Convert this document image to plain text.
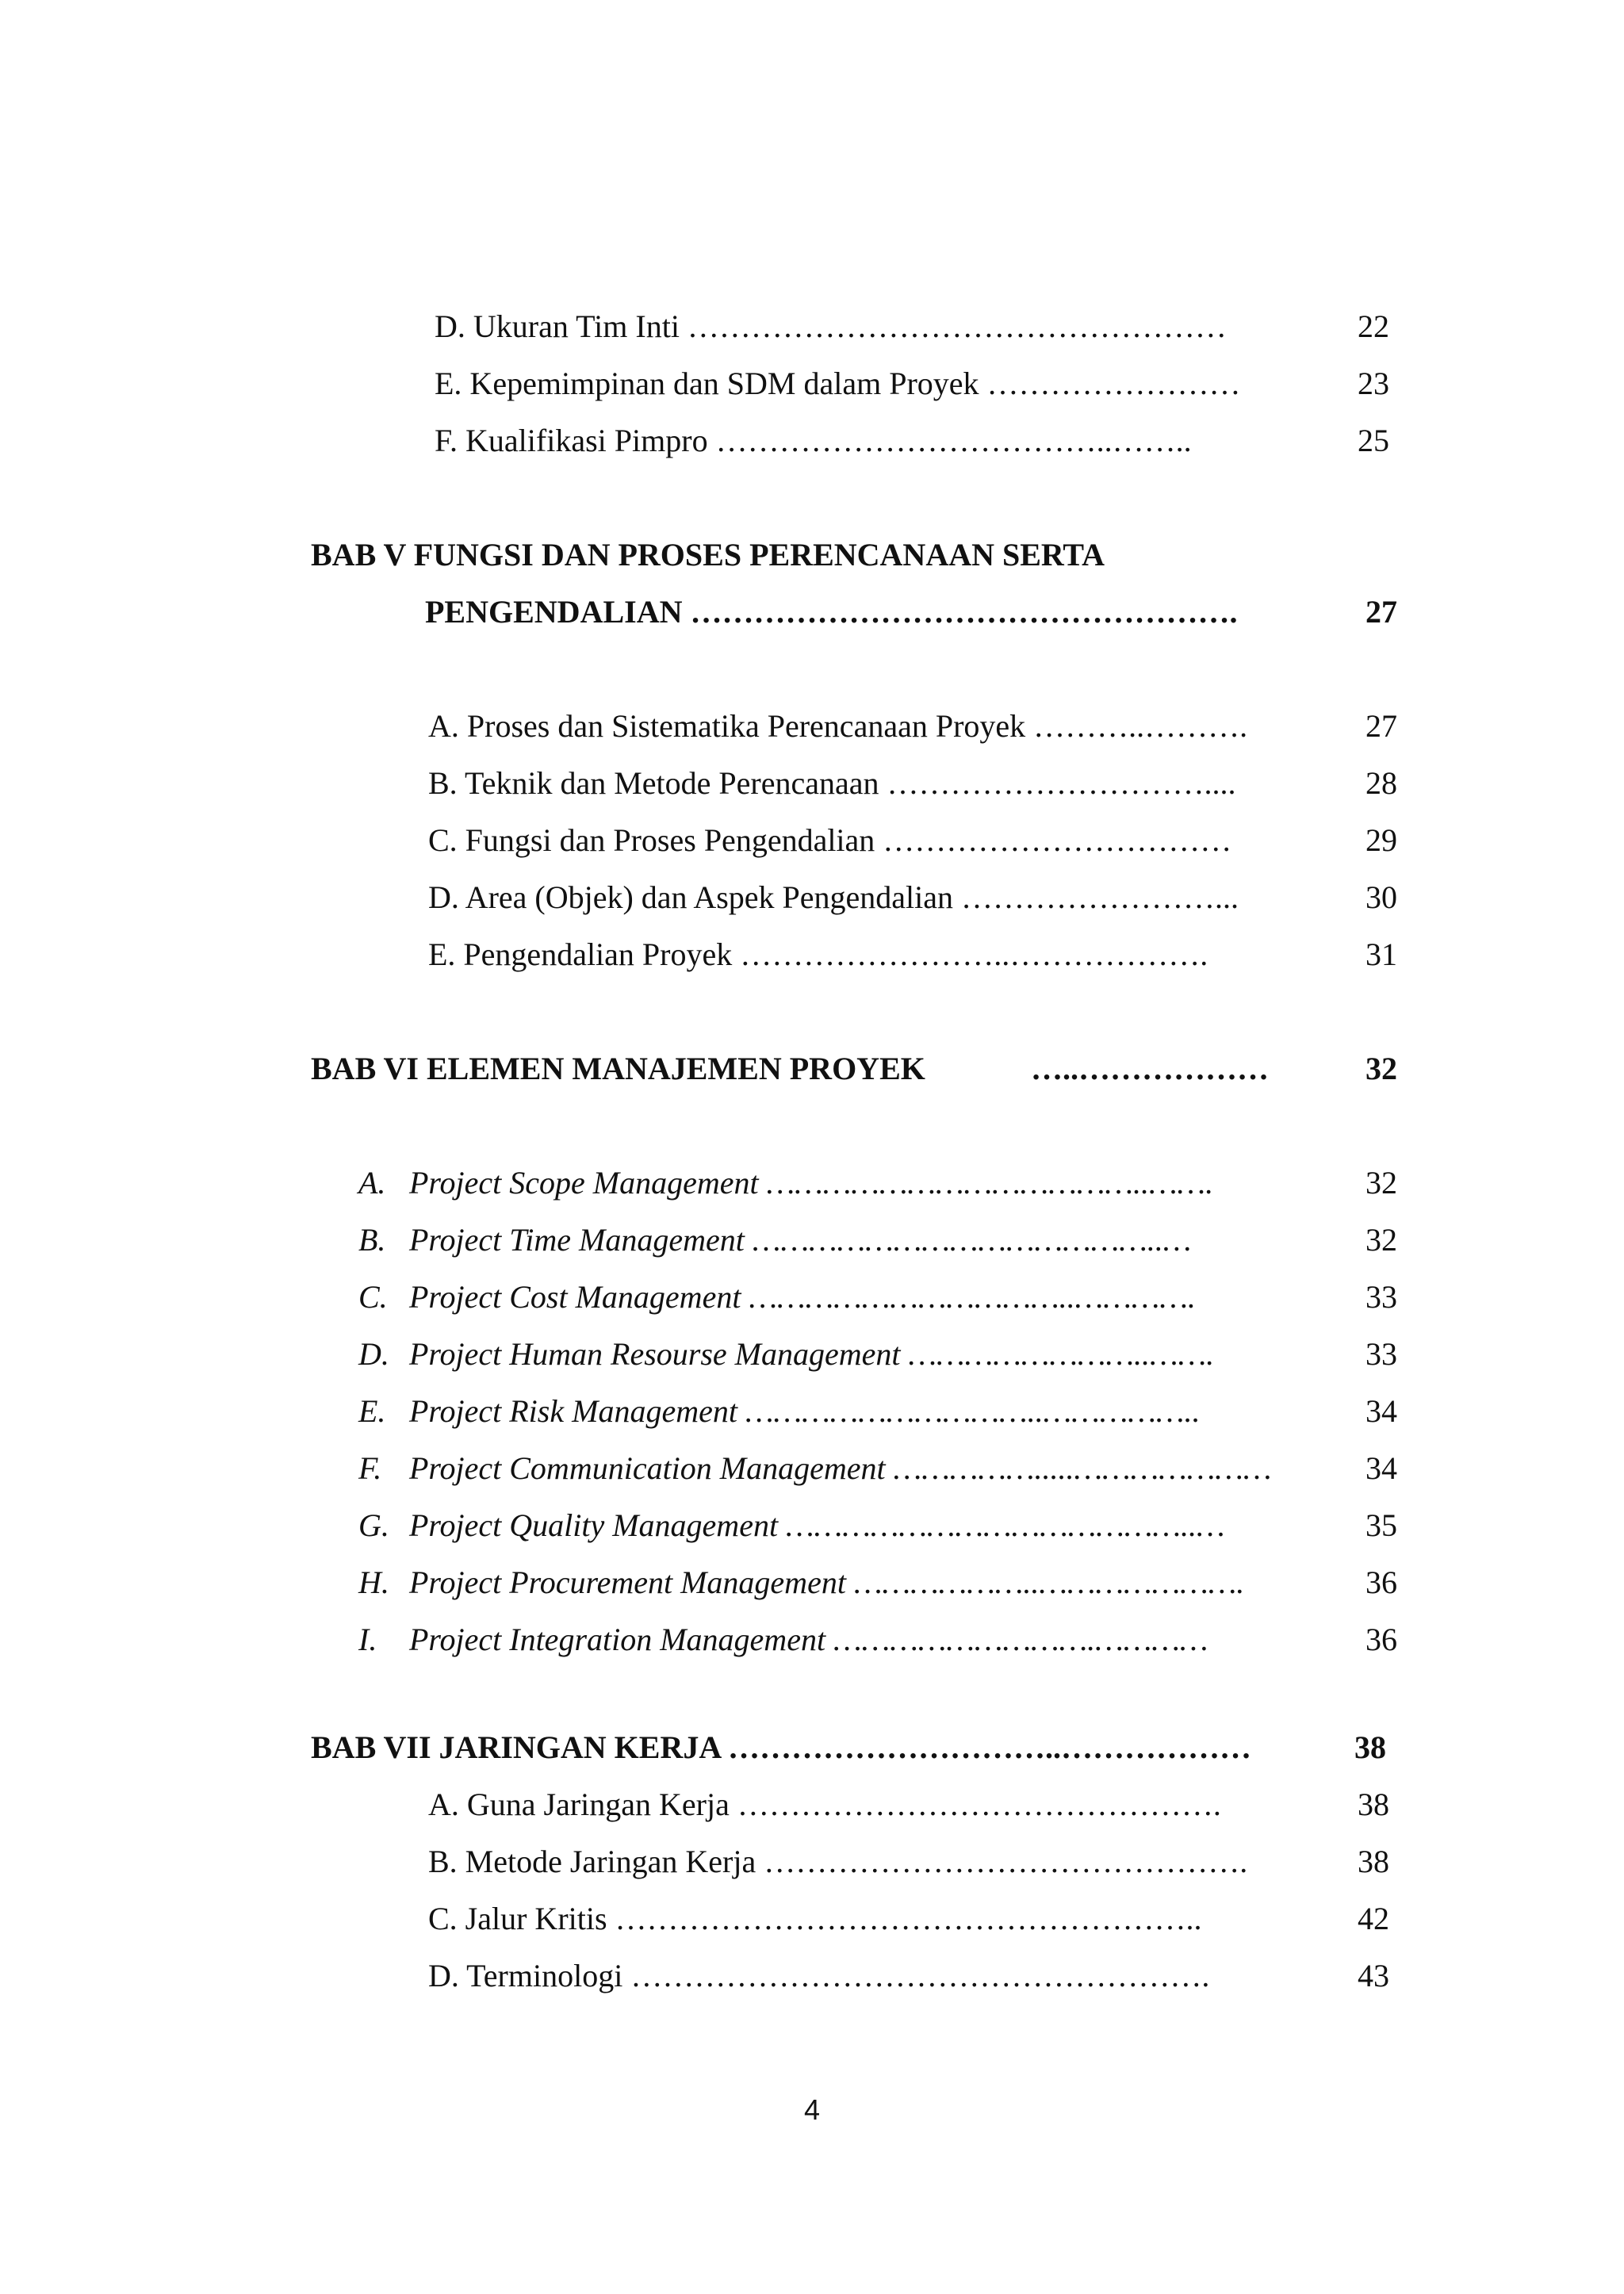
D. Ukuran Tim Inti ……………………………………………	22
E. Kepemimpinan dan SDM dalam Proyek ……………………	23
F. Kualifikasi Pimpro ………………………………..……..	25
BAB V FUNGSI DAN PROSES PERENCANAAN SERTA
PENGENDALIAN …………………………………………….	27
A. Proses dan Sistematika Perencanaan Proyek ………..……….	27
B. Teknik dan Metode Perencanaan …………………………....	28
C. Fungsi dan Proses Pengendalian ……………………………	29
D. Area (Objek) dan Aspek Pengendalian ……………………...	30
E. Pengendalian Proyek ……………………..……………….	31
BAB VI ELEMEN MANAJEMEN PROYEK	…..………………	32
A. Project Scope Management …………………………………..…….	32
B. Project Time Management ……………………………………..…	32
C. Project Cost Management ……………………………..………….	33
D. Project Human Resourse Management ……………………..…….	33
E. Project Risk Management …………………………..……………..	34
F. Project Communication Management …………….....…………………	34
G. Project Quality Management ……………………………………..…	35
H. Project Procurement Management ………………..………………….	36
I. Project Integration Management ……………………….…………	36
BAB VII JARINGAN KERJA …………………………..………………	38
A. Guna Jaringan Kerja ……………………………………….	38
B. Metode Jaringan Kerja ……………………………………….	38
C. Jalur Kritis ………………………………………………..	42
D. Terminologi ……………………………………………….	43
4
